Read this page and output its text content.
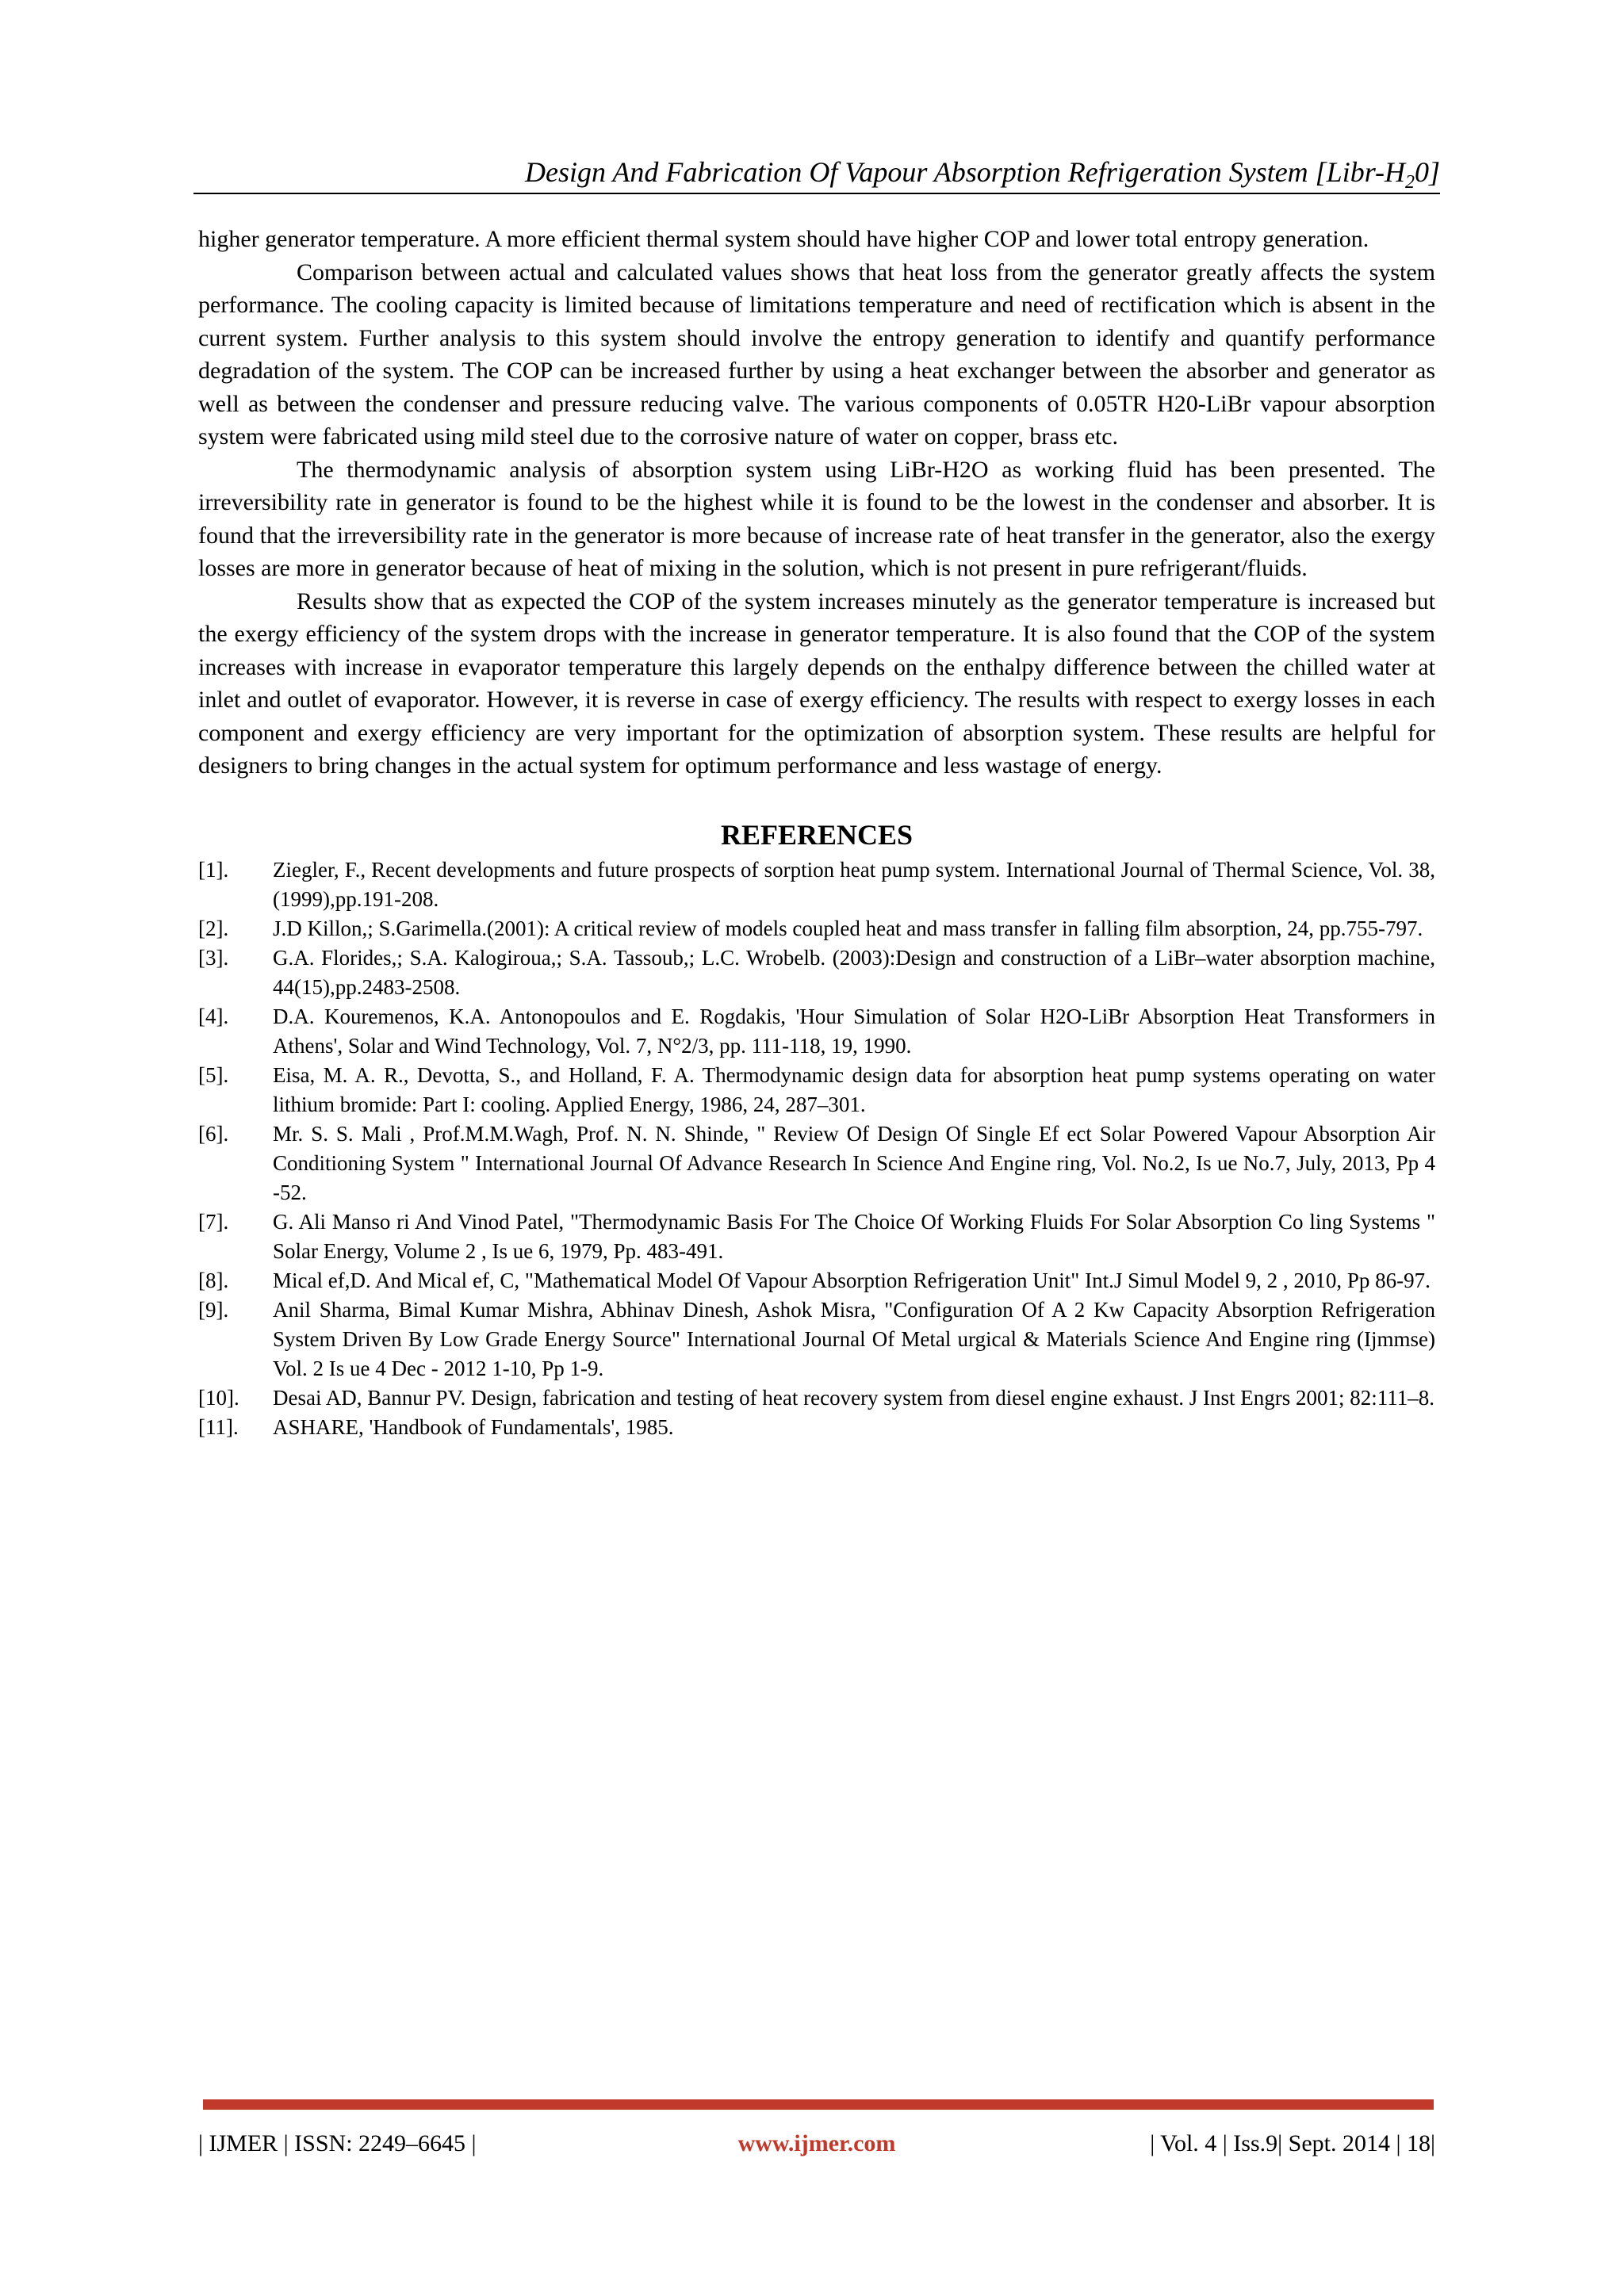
Design And Fabrication Of Vapour Absorption Refrigeration System $[Libr-H_20]$

higher generator temperature. A more efficient thermal system should have higher COP and lower total entropy generation.

Comparison between actual and calculated values shows that heat loss from the generator greatly affects the system performance. The cooling capacity is limited because of limitations temperature and need of rectification which is absent in the current system. Further analysis to this system should involve the entropy generation to identify and quantify performance degradation of the system. The COP can be increased further by using a heat exchanger between the absorber and generator as well as between the condenser and pressure reducing valve. The various components of 0.05TR H20-LiBr vapour absorption system were fabricated using mild steel due to the corrosive nature of water on copper, brass etc.

The thermodynamic analysis of absorption system using LiBr-H2O as working fluid has been presented. The irreversibility rate in generator is found to be the highest while it is found to be the lowest in the condenser and absorber. It is found that the irreversibility rate in the generator is more because of increase rate of heat transfer in the generator, also the exergy losses are more in generator because of heat of mixing in the solution, which is not present in pure refrigerant/fluids.

Results show that as expected the COP of the system increases minutely as the generator temperature is increased but the exergy efficiency of the system drops with the increase in generator temperature. It is also found that the COP of the system increases with increase in evaporator temperature this largely depends on the enthalpy difference between the chilled water at inlet and outlet of evaporator. However, it is reverse in case of exergy efficiency. The results with respect to exergy losses in each component and exergy efficiency are very important for the optimization of absorption system. These results are helpful for designers to bring changes in the actual system for optimum performance and less wastage of energy.

REFERENCES
[1]. Ziegler, F., Recent developments and future prospects of sorption heat pump system. International Journal of Thermal Science, Vol. 38, (1999),pp.191-208.
[2]. J.D Killon,; S.Garimella.(2001): A critical review of models coupled heat and mass transfer in falling film absorption, 24, pp.755-797.
[3]. G.A. Florides,; S.A. Kalogiroua,; S.A. Tassoub,; L.C. Wrobelb. (2003):Design and construction of a LiBr–water absorption machine, 44(15),pp.2483-2508.
[4]. D.A. Kouremenos, K.A. Antonopoulos and E. Rogdakis, 'Hour Simulation of Solar H2O-LiBr Absorption Heat Transformers in Athens', Solar and Wind Technology, Vol. 7, N°2/3, pp. 111-118, 19, 1990.
[5]. Eisa, M. A. R., Devotta, S., and Holland, F. A. Thermodynamic design data for absorption heat pump systems operating on water lithium bromide: Part I: cooling. Applied Energy, 1986, 24, 287–301.
[6]. Mr. S. S. Mali , Prof.M.M.Wagh, Prof. N. N. Shinde, " Review Of Design Of Single Ef ect Solar Powered Vapour Absorption Air Conditioning System " International Journal Of Advance Research In Science And Engine ring, Vol. No.2, Is ue No.7, July, 2013, Pp 4 -52.
[7]. G. Ali Manso ri And Vinod Patel, "Thermodynamic Basis For The Choice Of Working Fluids For Solar Absorption Co ling Systems " Solar Energy, Volume 2 , Is ue 6, 1979, Pp. 483-491.
[8]. Mical ef,D. And Mical ef, C, "Mathematical Model Of Vapour Absorption Refrigeration Unit" Int.J Simul Model 9, 2 , 2010, Pp 86-97.
[9]. Anil Sharma, Bimal Kumar Mishra, Abhinav Dinesh, Ashok Misra, "Configuration Of A 2 Kw Capacity Absorption Refrigeration System Driven By Low Grade Energy Source" International Journal Of Metal urgical & Materials Science And Engine ring (Ijmmse) Vol. 2 Is ue 4 Dec - 2012 1-10, Pp 1-9.
[10]. Desai AD, Bannur PV. Design, fabrication and testing of heat recovery system from diesel engine exhaust. J Inst Engrs 2001; 82:111–8.
[11]. ASHARE, 'Handbook of Fundamentals', 1985.
| IJMER | ISSN: 2249–6645 |	www.ijmer.com	| Vol. 4 | Iss.9| Sept. 2014 | 18|
